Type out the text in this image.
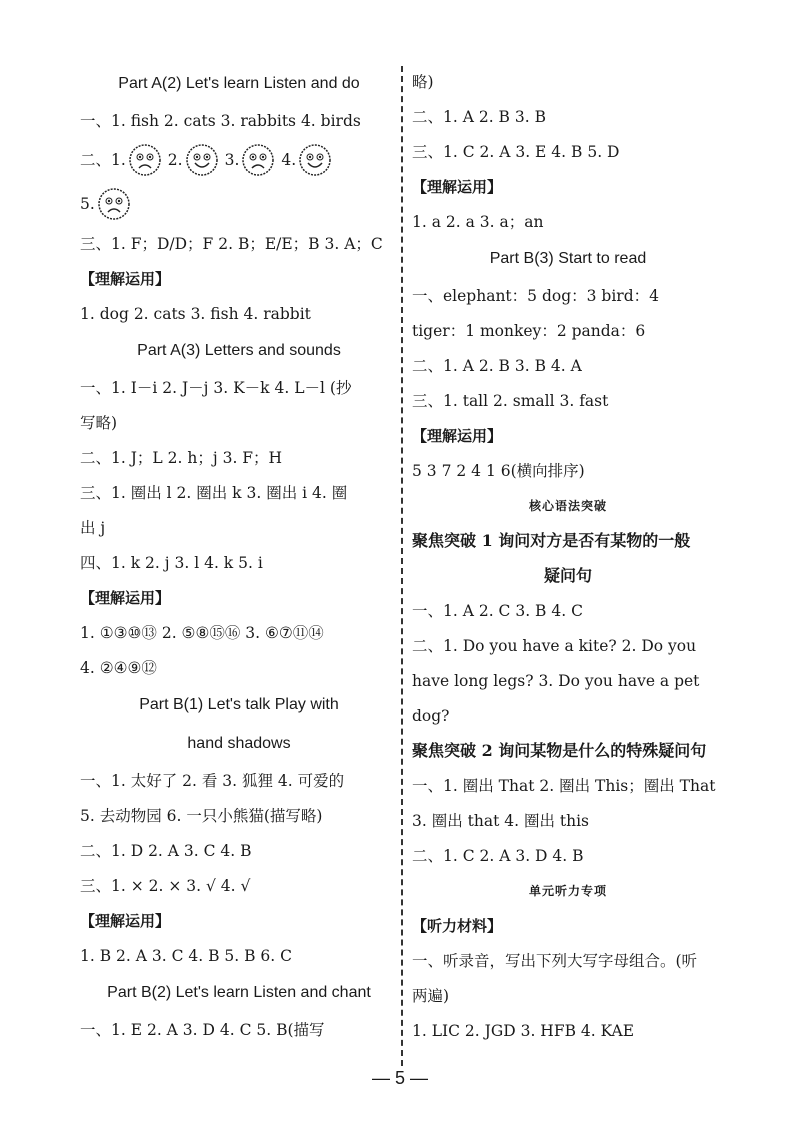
Part A(2) Let's learn Listen and do
一、1. fish 2. cats 3. rabbits 4. birds
二、1.	2.	3.	4.
5.
三、1. F；D/D；F 2. B；E/E；B 3. A；C
【理解运用】
1. dog 2. cats 3. fish 4. rabbit
Part A(3) Letters and sounds
一、1. I－i 2. J－j 3. K－k 4. L－l (抄
写略)
二、1. J；L 2. h；j 3. F；H
三、1. 圈出 l 2. 圈出 k 3. 圈出 i 4. 圈
出 j
四、1. k 2. j 3. l 4. k 5. i
【理解运用】
1. ①③⑩⑬ 2. ⑤⑧⑮⑯ 3. ⑥⑦⑪⑭
4. ②④⑨⑫
Part B(1) Let's talk Play with
hand shadows
一、1. 太好了 2. 看 3. 狐狸 4. 可爱的
5. 去动物园 6. 一只小熊猫(描写略)
二、1. D 2. A 3. C 4. B
三、1. × 2. × 3. √ 4. √
【理解运用】
1. B 2. A 3. C 4. B 5. B 6. C
Part B(2) Let's learn Listen and chant
一、1. E 2. A 3. D 4. C 5. B(描写
略)
二、1. A 2. B 3. B
三、1. C 2. A 3. E 4. B 5. D
【理解运用】
1. a 2. a 3. a；an
Part B(3) Start to read
一、elephant：5 dog：3 bird：4
tiger：1 monkey：2 panda：6
二、1. A 2. B 3. B 4. A
三、1. tall 2. small 3. fast
【理解运用】
5 3 7 2 4 1 6(横向排序)
核心语法突破
聚焦突破 1 询问对方是否有某物的一般
疑问句
一、1. A 2. C 3. B 4. C
二、1. Do you have a kite? 2. Do you
have long legs? 3. Do you have a pet
dog?
聚焦突破 2 询问某物是什么的特殊疑问句
一、1. 圈出 That 2. 圈出 This；圈出 That
3. 圈出 that 4. 圈出 this
二、1. C 2. A 3. D 4. B
单元听力专项
【听力材料】
一、听录音，写出下列大写字母组合。(听
两遍)
1. LIC 2. JGD 3. HFB 4. KAE
— 5 —
